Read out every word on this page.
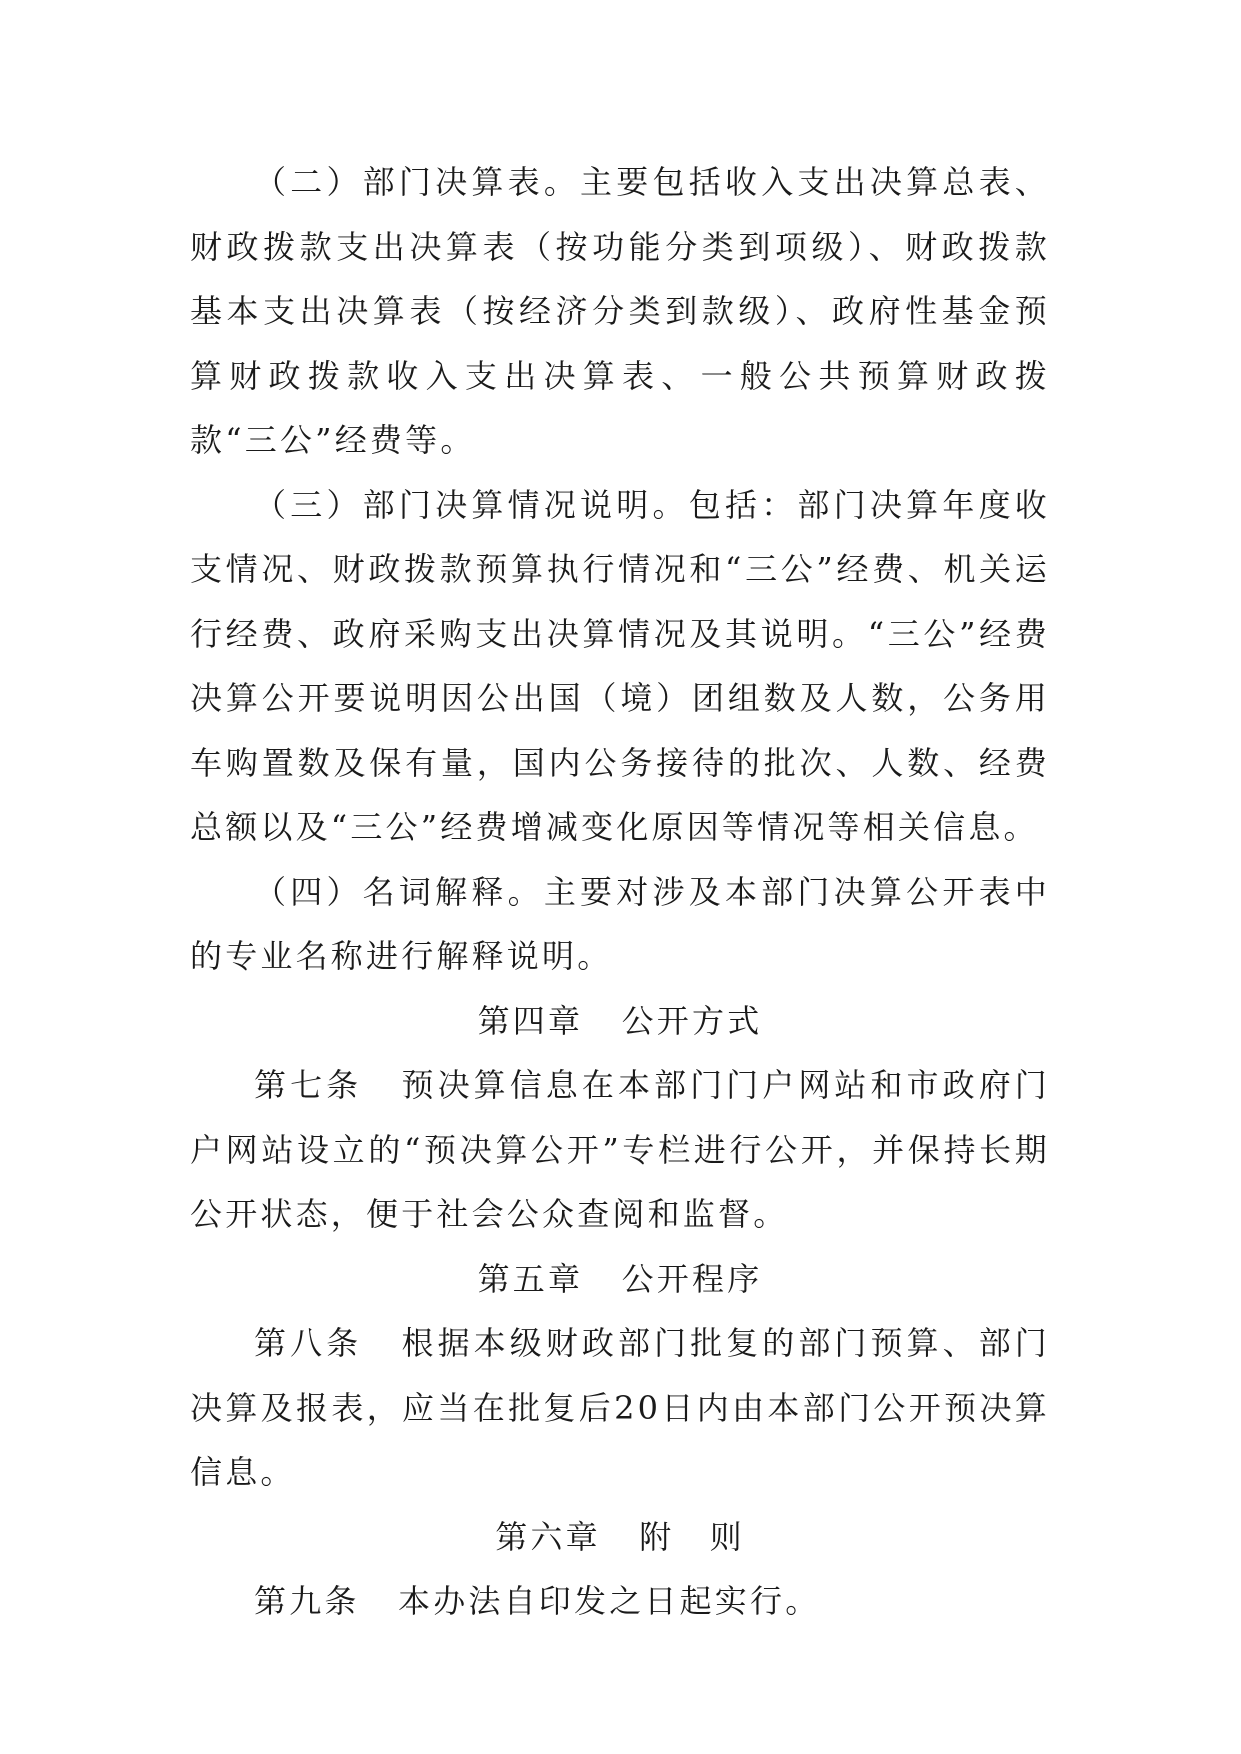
（二）部门决算表。主要包括收入支出决算总表、财政拨款支出决算表（按功能分类到项级）、财政拨款基本支出决算表（按经济分类到款级）、政府性基金预算财政拨款收入支出决算表、一般公共预算财政拨款“三公”经费等。

（三）部门决算情况说明。包括：部门决算年度收支情况、财政拨款预算执行情况和“三公”经费、机关运行经费、政府采购支出决算情况及其说明。“三公”经费决算公开要说明因公出国（境）团组数及人数，公务用车购置数及保有量，国内公务接待的批次、人数、经费总额以及“三公”经费增减变化原因等情况等相关信息。

（四）名词解释。主要对涉及本部门决算公开表中的专业名称进行解释说明。

第四章 公开方式

第七条 预决算信息在本部门门户网站和市政府门户网站设立的“预决算公开”专栏进行公开，并保持长期公开状态，便于社会公众查阅和监督。

第五章 公开程序

第八条 根据本级财政部门批复的部门预算、部门决算及报表，应当在批复后20日内由本部门公开预决算信息。

第六章 附　则

第九条 本办法自印发之日起实行。
